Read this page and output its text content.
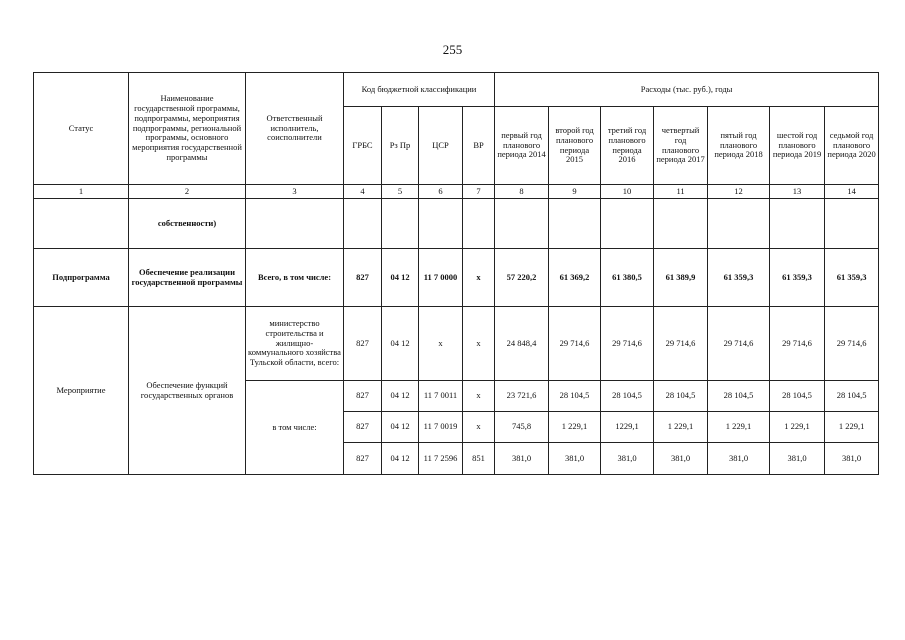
255
Статус	Наименование государственной программы, подпрограммы, мероприятия подпрограммы, региональной программы, основного мероприятия государственной программы	Ответственный исполнитель, соисполнители	Код бюджетной классификации				Расходы (тыс. руб.), годы						
			ГРБС	Рз Пр	ЦСР	ВР	первый год планового периода 2014	второй год планового периода 2015	третий год планового периода 2016	четвертый год планового периода 2017	пятый год планового периода 2018	шестой год планового периода 2019	седьмой год планового периода 2020
1	2	3	4	5	6	7	8	9	10	11	12	13	14
	собственности)												
Подпрограмма	Обеспечение реализации государственной программы	Всего, в том числе:	827	04 12	11 7 0000	х	57 220,2	61 369,2	61 380,5	61 389,9	61 359,3	61 359,3	61 359,3
Мероприятие	Обеспечение функций государственных органов	министерство строительства и жилищно-коммунального хозяйства Тульской области, всего:	827	04 12	х	х	24 848,4	29 714,6	29 714,6	29 714,6	29 714,6	29 714,6	29 714,6
		в том числе:	827	04 12	11 7 0011	х	23 721,6	28 104,5	28 104,5	28 104,5	28 104,5	28 104,5	28 104,5
			827	04 12	11 7 0019	х	745,8	1 229,1	1229,1	1 229,1	1 229,1	1 229,1	1 229,1
			827	04 12	11 7 2596	851	381,0	381,0	381,0	381,0	381,0	381,0	381,0
